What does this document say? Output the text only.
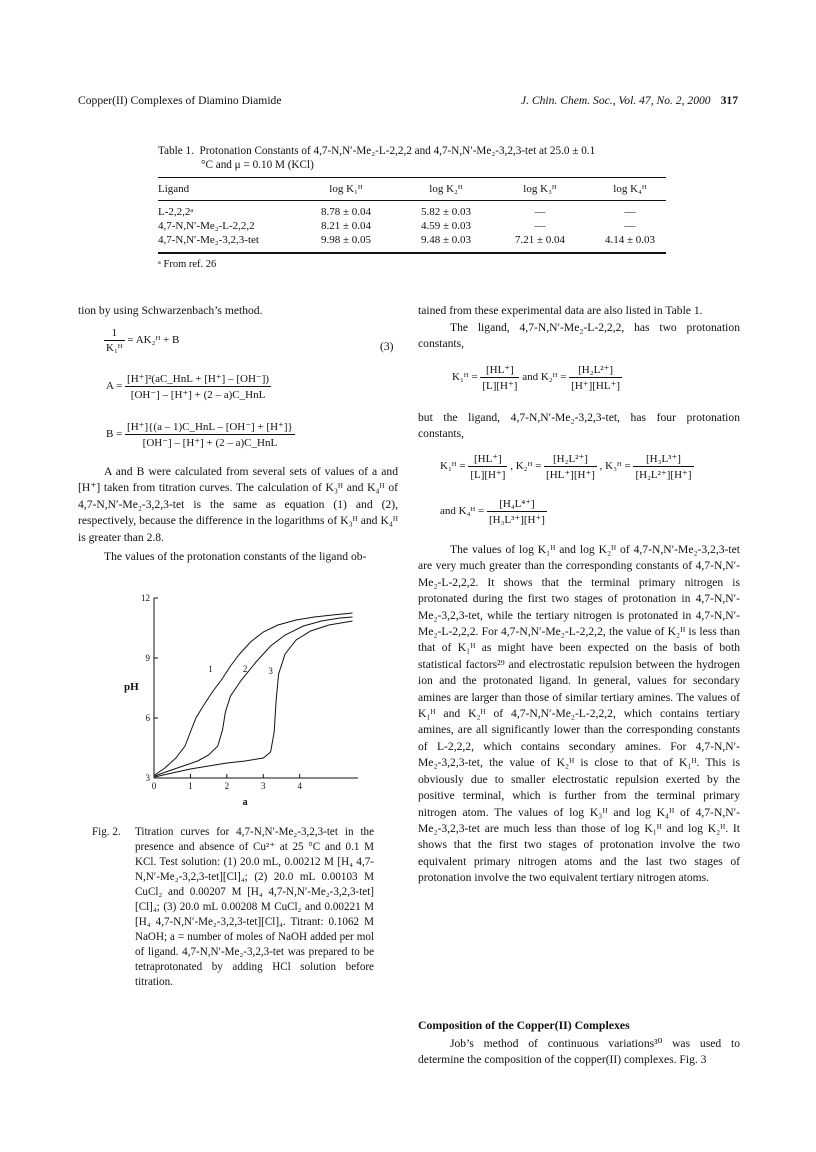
Copper(II) Complexes of Diamino Diamide	J. Chin. Chem. Soc., Vol. 47, No. 2, 2000 317
Table 1. Protonation Constants of 4,7-N,N′-Me₂-L-2,2,2 and 4,7-N,N′-Me₂-3,2,3-tet at 25.0 ± 0.1
°C and μ = 0.10 M (KCl)
Ligand	log K₁ᴴ	log K₂ᴴ	log K₃ᴴ	log K₄ᴴ
L-2,2,2ᵃ	8.78 ± 0.04	5.82 ± 0.03	—	—
4,7-N,N′-Me₂-L-2,2,2	8.21 ± 0.04	4.59 ± 0.03	—	—
4,7-N,N′-Me₂-3,2,3-tet	9.98 ± 0.05	9.48 ± 0.03	7.21 ± 0.04	4.14 ± 0.03
ᵃ From ref. 26
tion by using Schwarzenbach’s method.
$\frac{1}{\text{K₁ᴴ}}$ = AK₂ᴴ + B	(3)
$A = \frac{\text{[H⁺]²(aC\_HnL + [H⁺] – [OH⁻])}}{\text{[OH⁻] – [H⁺] + (2 – a)C\_HnL}}$
$B = \frac{\text{[H⁺]\{(a – 1)C\_HnL – [OH⁻] + [H⁺]\}}}{\text{[OH⁻] – [H⁺] + (2 – a)C\_HnL}}$
A and B were calculated from several sets of values of a and [H⁺] taken from titration curves. The calculation of K₃ᴴ and K₄ᴴ of 4,7-N,N′-Me₂-3,2,3-tet is the same as equation (1) and (2), respectively, because the difference in the logarithms of K₃ᴴ and K₄ᴴ is greater than 2.8.
The values of the protonation constants of the ligand ob-
0	1	2	3	4
3
6
9
12
a
pH
1	2 3
Fig. 2. Titration curves for 4,7-N,N′-Me₂-3,2,3-tet in the presence and absence of Cu²⁺ at 25 °C and 0.1 M KCl. Test solution: (1) 20.0 mL, 0.00212 M [H₄ 4,7-N,N′-Me₂-3,2,3-tet][Cl]₄; (2) 20.0 mL 0.00103 M CuCl₂ and 0.00207 M [H₄ 4,7-N,N′-Me₂-3,2,3-tet][Cl]₄; (3) 20.0 mL 0.00208 M CuCl₂ and 0.00221 M [H₄ 4,7-N,N′-Me₂-3,2,3-tet][Cl]₄. Titrant: 0.1062 M NaOH; a = number of moles of NaOH added per mol of ligand. 4,7-N,N′-Me₂-3,2,3-tet was prepared to be tetraprotonated by adding HCl solution before titration.
tained from these experimental data are also listed in Table 1.
The ligand, 4,7-N,N′-Me₂-L-2,2,2, has two protonation constants,
K₁ᴴ = $\frac{[HL^+]}{[L][H^+]}$ and K₂ᴴ = $\frac{\text{[H₂L²⁺]}}{[H^+][HL^+]}$
but the ligand, 4,7-N,N′-Me₂-3,2,3-tet, has four protonation constants,
K₁ᴴ = $\frac{[HL^+]}{[L][H^+]}$ , K₂ᴴ = $\frac{\text{[H₂L²⁺]}}{[HL^+][H^+]}$ , K₃ᴴ = $\frac{\text{[H₃L³⁺]}}{\text{[H₂L²⁺][H⁺]}}$
and K₄ᴴ = $\frac{\text{[H₄L⁴⁺]}}{\text{[H₃L³⁺][H⁺]}}$
The values of log K₁ᴴ and log K₂ᴴ of 4,7-N,N′-Me₂-3,2,3-tet are very much greater than the corresponding constants of 4,7-N,N′-Me₂-L-2,2,2. It shows that the terminal primary nitrogen is protonated during the first two stages of protonation in 4,7-N,N′-Me₂-3,2,3-tet, while the tertiary nitrogen is protonated in 4,7-N,N′-Me₂-L-2,2,2. For 4,7-N,N′-Me₂-L-2,2,2, the value of K₂ᴴ is less than that of K₁ᴴ as might have been expected on the basis of both statistical factors²⁹ and electrostatic repulsion between the hydrogen ion and the protonated ligand. In general, values for secondary amines are larger than those of similar tertiary amines. The values of K₁ᴴ and K₂ᴴ of 4,7-N,N′-Me₂-L-2,2,2, which contains tertiary amines, are all significantly lower than the corresponding constants of L-2,2,2, which contains secondary amines. For 4,7-N,N′-Me₂-3,2,3-tet, the value of K₂ᴴ is close to that of K₁ᴴ. This is obviously due to smaller electrostatic repulsion exerted by the positive terminal, which is further from the terminal primary nitrogen atom. The values of log K₃ᴴ and log K₄ᴴ of 4,7-N,N′-Me₂-3,2,3-tet are much less than those of log K₁ᴴ and log K₂ᴴ. It shows that the first two stages of protonation involve the two equivalent primary nitrogen atoms and the last two stages of protonation involve the two equivalent tertiary nitrogen atoms.
Composition of the Copper(II) Complexes
Job’s method of continuous variations³⁰ was used to determine the composition of the copper(II) complexes. Fig. 3
